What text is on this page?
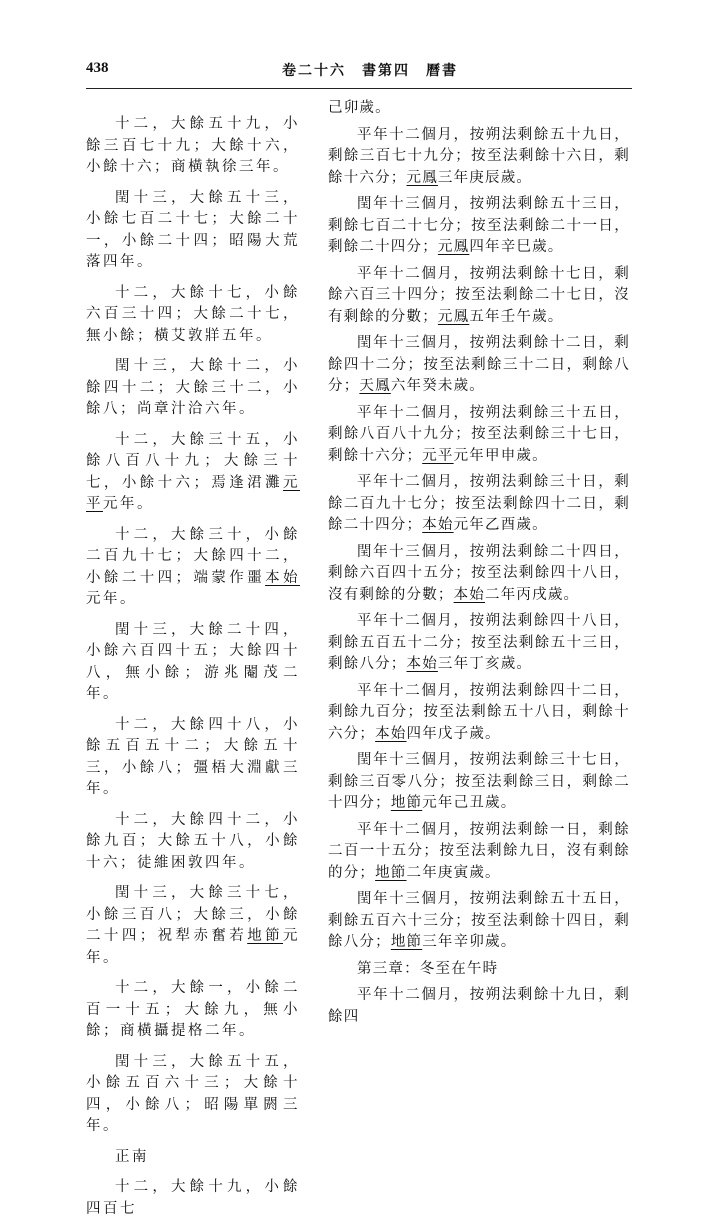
438	卷二十六　書第四　曆書

十二，大餘五十九，小餘三百七十九；大餘十六，小餘十六；商橫執徐三年。

閏十三，大餘五十三，小餘七百二十七；大餘二十一，小餘二十四；昭陽大荒落四年。

十二，大餘十七，小餘六百三十四；大餘二十七，無小餘；橫艾敦牂五年。

閏十三，大餘十二，小餘四十二；大餘三十二，小餘八；尚章汁洽六年。

十二，大餘三十五，小餘八百八十九；大餘三十七，小餘十六；焉逢涒灘元平元年。

十二，大餘三十，小餘二百九十七；大餘四十二，小餘二十四；端蒙作噩本始元年。

閏十三，大餘二十四，小餘六百四十五；大餘四十八，無小餘；游兆閹茂二年。

十二，大餘四十八，小餘五百五十二；大餘五十三，小餘八；彊梧大淵獻三年。

十二，大餘四十二，小餘九百；大餘五十八，小餘十六；徒維困敦四年。

閏十三，大餘三十七，小餘三百八；大餘三，小餘二十四；祝犁赤奮若地節元年。

十二，大餘一，小餘二百一十五；大餘九，無小餘；商橫攝提格二年。

閏十三，大餘五十五，小餘五百六十三；大餘十四，小餘八；昭陽單閼三年。

正南

十二，大餘十九，小餘四百七

己卯歲。

平年十二個月，按朔法剩餘五十九日，剩餘三百七十九分；按至法剩餘十六日，剩餘十六分；元鳳三年庚辰歲。

閏年十三個月，按朔法剩餘五十三日，剩餘七百二十七分；按至法剩餘二十一日，剩餘二十四分；元鳳四年辛巳歲。

平年十二個月，按朔法剩餘十七日，剩餘六百三十四分；按至法剩餘二十七日，沒有剩餘的分數；元鳳五年壬午歲。

閏年十三個月，按朔法剩餘十二日，剩餘四十二分；按至法剩餘三十二日，剩餘八分；天鳳六年癸未歲。

平年十二個月，按朔法剩餘三十五日，剩餘八百八十九分；按至法剩餘三十七日，剩餘十六分；元平元年甲申歲。

平年十二個月，按朔法剩餘三十日，剩餘二百九十七分；按至法剩餘四十二日，剩餘二十四分；本始元年乙酉歲。

閏年十三個月，按朔法剩餘二十四日，剩餘六百四十五分；按至法剩餘四十八日，沒有剩餘的分數；本始二年丙戌歲。

平年十二個月，按朔法剩餘四十八日，剩餘五百五十二分；按至法剩餘五十三日，剩餘八分；本始三年丁亥歲。

平年十二個月，按朔法剩餘四十二日，剩餘九百分；按至法剩餘五十八日，剩餘十六分；本始四年戊子歲。

閏年十三個月，按朔法剩餘三十七日，剩餘三百零八分；按至法剩餘三日，剩餘二十四分；地節元年己丑歲。

平年十二個月，按朔法剩餘一日，剩餘二百一十五分；按至法剩餘九日，沒有剩餘的分；地節二年庚寅歲。

閏年十三個月，按朔法剩餘五十五日，剩餘五百六十三分；按至法剩餘十四日，剩餘八分；地節三年辛卯歲。

第三章：冬至在午時

平年十二個月，按朔法剩餘十九日，剩餘四
